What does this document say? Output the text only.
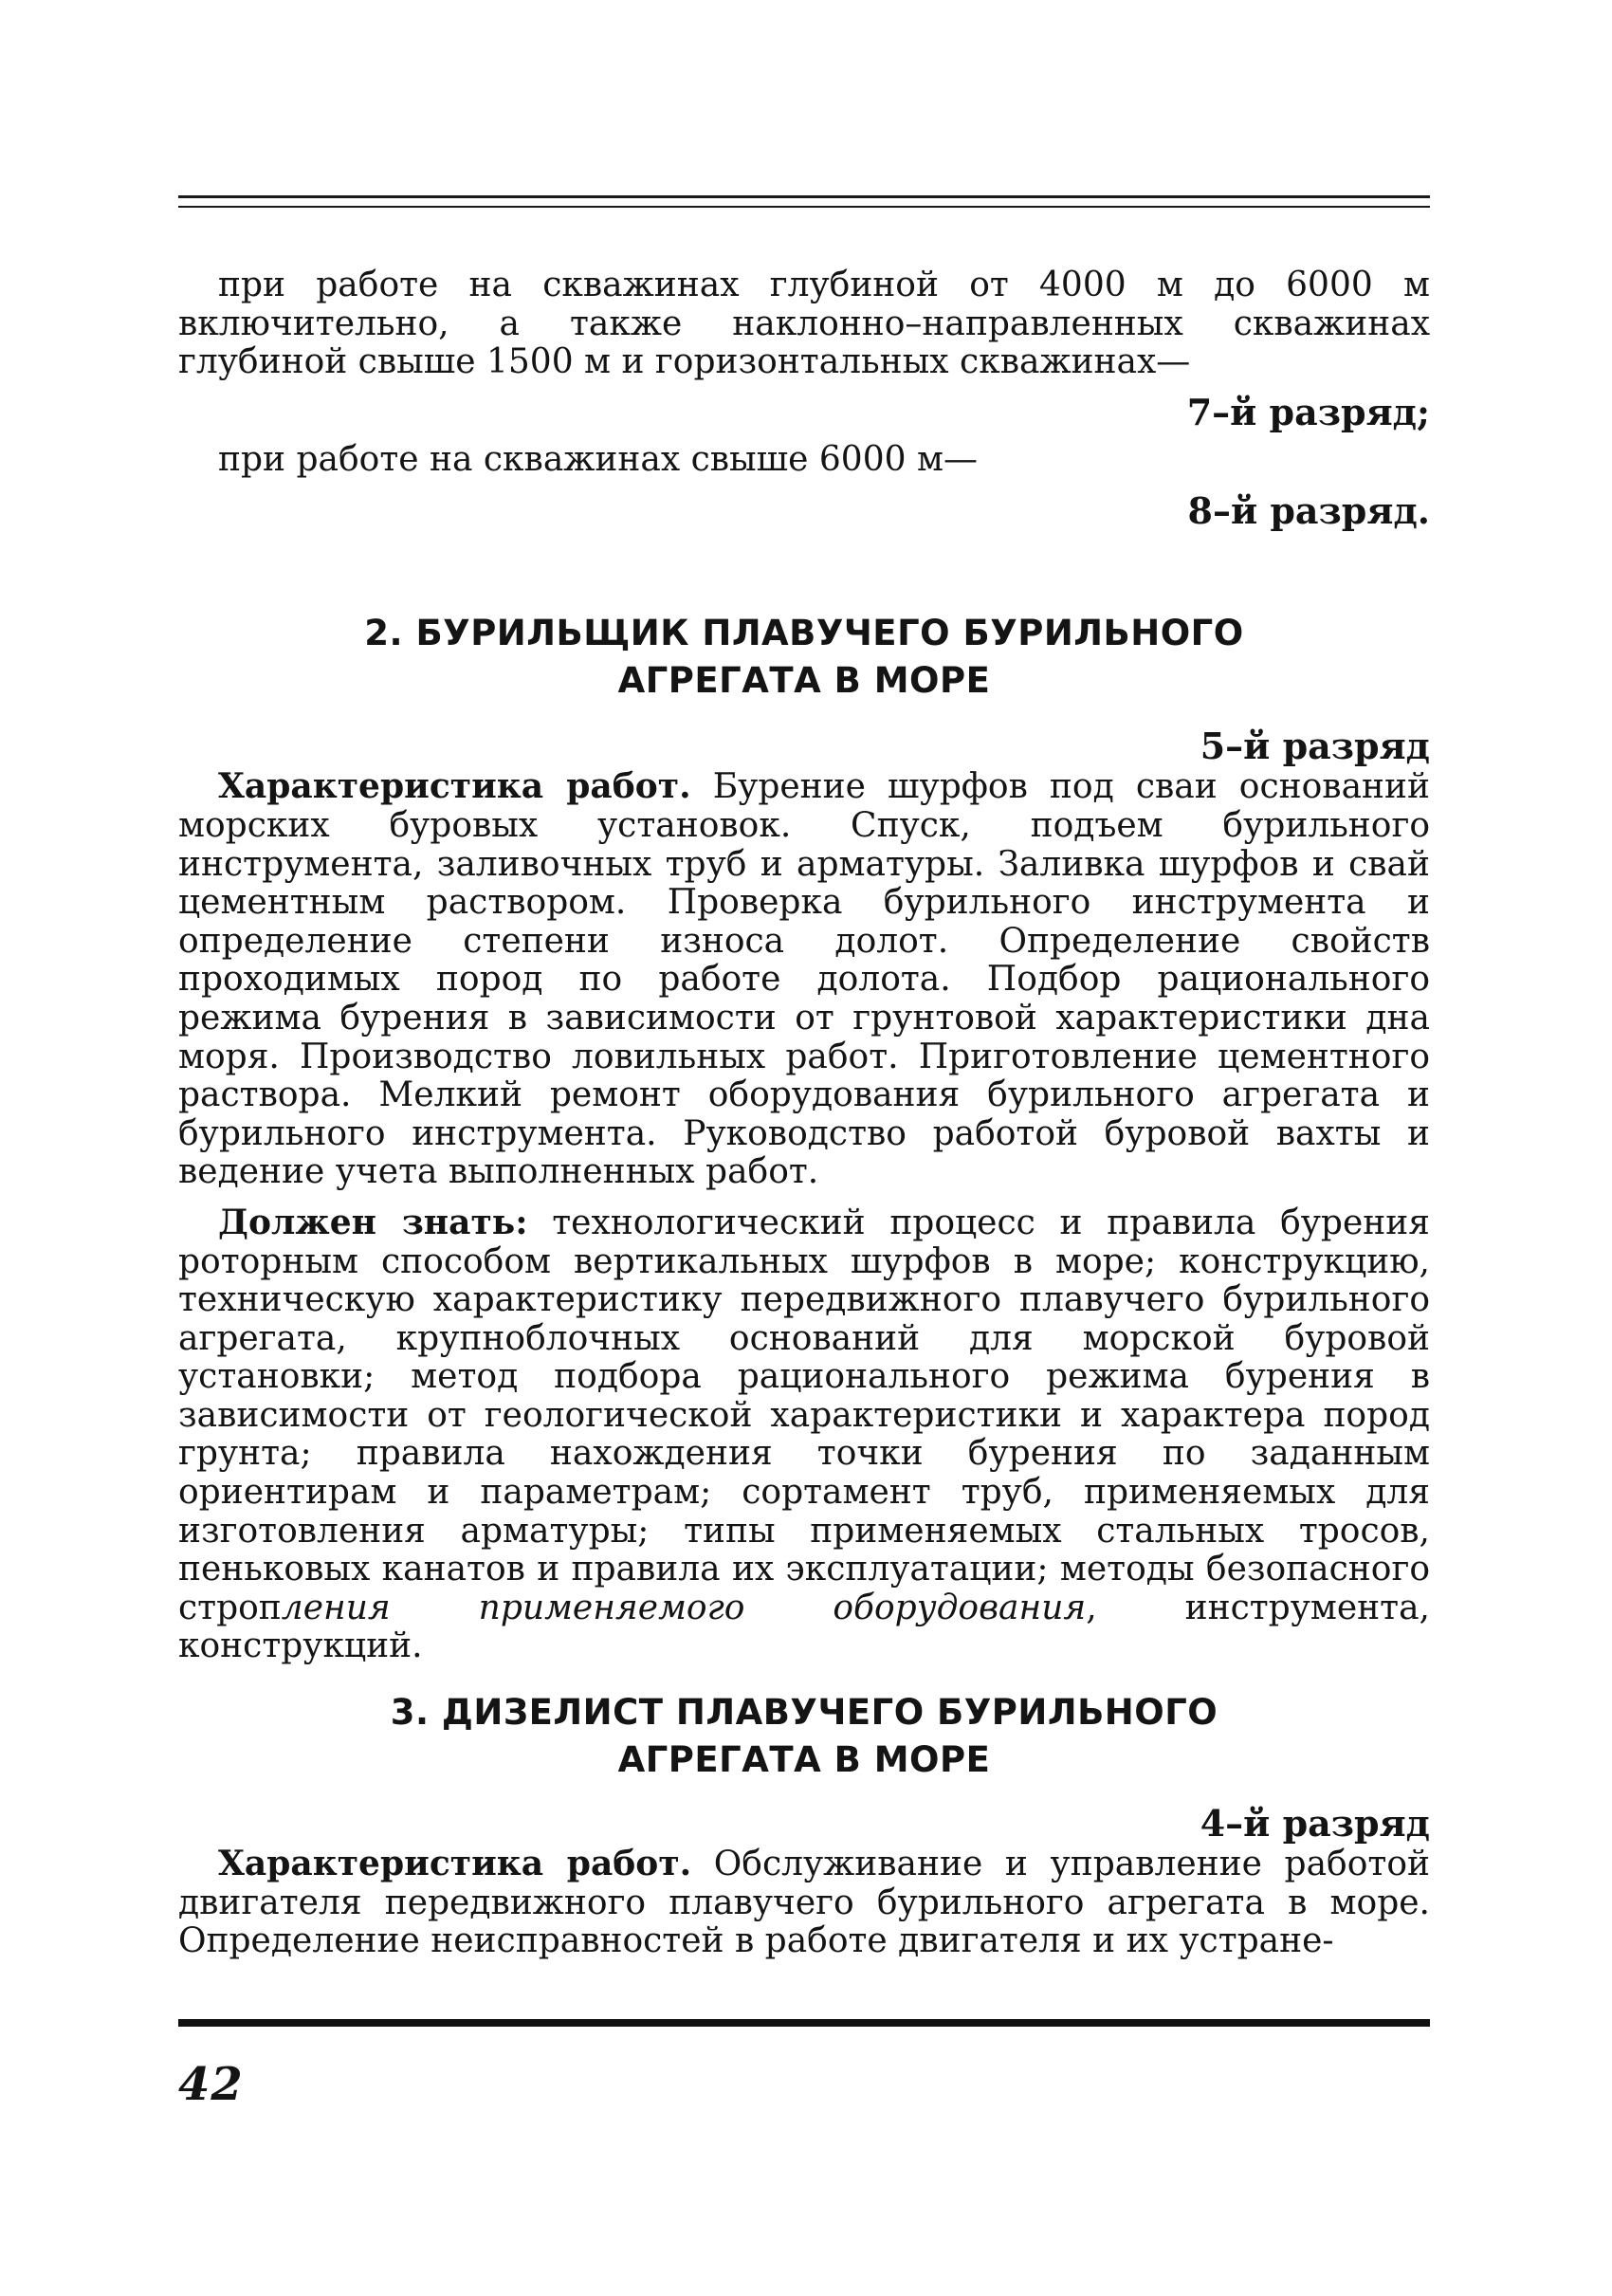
при работе на скважинах глубиной от 4000 м до 6000 м включительно, а также наклонно–направленных скважинах глубиной свыше 1500 м и горизонтальных скважинах—

7–й разряд;

при работе на скважинах свыше 6000 м—

8–й разряд.

2. БУРИЛЬЩИК ПЛАВУЧЕГО БУРИЛЬНОГО
АГРЕГАТА В МОРЕ

5–й разряд

Характеристика работ. Бурение шурфов под сваи оснований морских буровых установок. Спуск, подъем бурильного инструмента, заливочных труб и арматуры. Заливка шурфов и свай цементным раствором. Проверка бурильного инструмента и определение степени износа долот. Определение свойств проходимых пород по работе долота. Подбор рационального режима бурения в зависимости от грунтовой характеристики дна моря. Производство ловильных работ. Приготовление цементного раствора. Мелкий ремонт оборудования бурильного агрегата и бурильного инструмента. Руководство работой буровой вахты и ведение учета выполненных работ.

Должен знать: технологический процесс и правила бурения роторным способом вертикальных шурфов в море; конструкцию, техническую характеристику передвижного плавучего бурильного агрегата, крупноблочных оснований для морской буровой установки; метод подбора рационального режима бурения в зависимости от геологической характеристики и характера пород грунта; правила нахождения точки бурения по заданным ориентирам и параметрам; сортамент труб, применяемых для изготовления арматуры; типы применяемых стальных тросов, пеньковых канатов и правила их эксплуатации; методы безопасного стропления применяемого оборудования, инструмента, конструкций.

3. ДИЗЕЛИСТ ПЛАВУЧЕГО БУРИЛЬНОГО
АГРЕГАТА В МОРЕ

4–й разряд

Характеристика работ. Обслуживание и управление работой двигателя передвижного плавучего бурильного агрегата в море. Определение неисправностей в работе двигателя и их устране-

42
